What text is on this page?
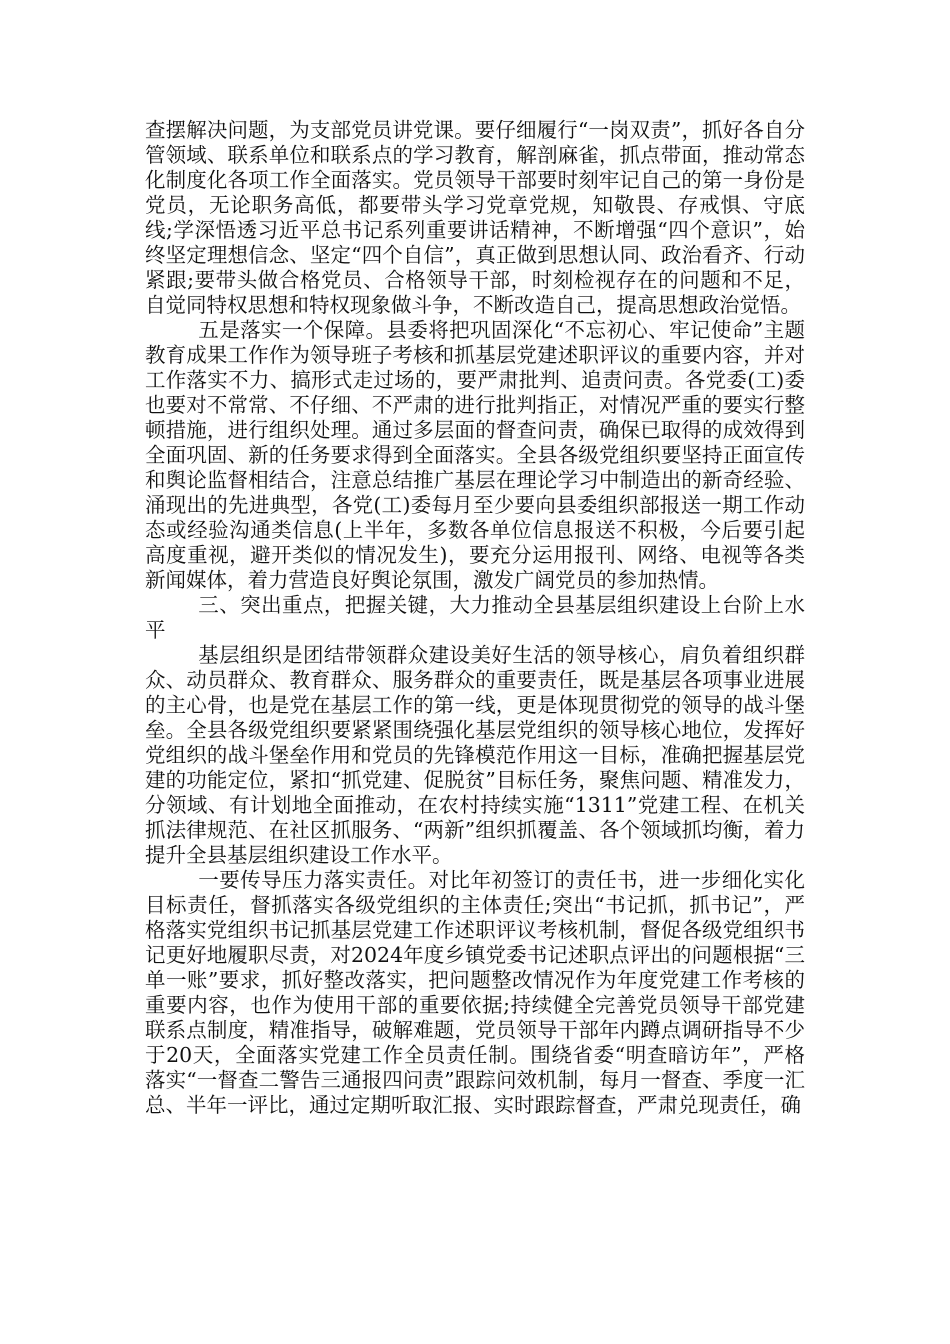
查摆解决问题，为支部党员讲党课。要仔细履行“一岗双责”，抓好各自分管领域、联系单位和联系点的学习教育，解剖麻雀，抓点带面，推动常态化制度化各项工作全面落实。党员领导干部要时刻牢记自己的第一身份是党员，无论职务高低，都要带头学习党章党规，知敬畏、存戒惧、守底线;学深悟透习近平总书记系列重要讲话精神，不断增强“四个意识”，始终坚定理想信念、坚定“四个自信”，真正做到思想认同、政治看齐、行动紧跟;要带头做合格党员、合格领导干部，时刻检视存在的问题和不足，自觉同特权思想和特权现象做斗争，不断改造自己，提高思想政治觉悟。

五是落实一个保障。县委将把巩固深化“不忘初心、牢记使命”主题教育成果工作作为领导班子考核和抓基层党建述职评议的重要内容，并对工作落实不力、搞形式走过场的，要严肃批判、追责问责。各党委(工)委也要对不常常、不仔细、不严肃的进行批判指正，对情况严重的要实行整顿措施，进行组织处理。通过多层面的督查问责，确保已取得的成效得到全面巩固、新的任务要求得到全面落实。全县各级党组织要坚持正面宣传和舆论监督相结合，注意总结推广基层在理论学习中制造出的新奇经验、涌现出的先进典型，各党(工)委每月至少要向县委组织部报送一期工作动态或经验沟通类信息(上半年，多数各单位信息报送不积极，今后要引起高度重视，避开类似的情况发生)，要充分运用报刊、网络、电视等各类新闻媒体，着力营造良好舆论氛围，激发广阔党员的参加热情。

三、突出重点，把握关键，大力推动全县基层组织建设上台阶上水平

基层组织是团结带领群众建设美好生活的领导核心，肩负着组织群众、动员群众、教育群众、服务群众的重要责任，既是基层各项事业进展的主心骨，也是党在基层工作的第一线，更是体现贯彻党的领导的战斗堡垒。全县各级党组织要紧紧围绕强化基层党组织的领导核心地位，发挥好党组织的战斗堡垒作用和党员的先锋模范作用这一目标，准确把握基层党建的功能定位，紧扣“抓党建、促脱贫”目标任务，聚焦问题、精准发力，分领域、有计划地全面推动，在农村持续实施“1311”党建工程、在机关抓法律规范、在社区抓服务、“两新”组织抓覆盖、各个领域抓均衡，着力提升全县基层组织建设工作水平。

一要传导压力落实责任。对比年初签订的责任书，进一步细化实化目标责任，督抓落实各级党组织的主体责任;突出“书记抓，抓书记”，严格落实党组织书记抓基层党建工作述职评议考核机制，督促各级党组织书记更好地履职尽责，对2024年度乡镇党委书记述职点评出的问题根据“三单一账”要求，抓好整改落实，把问题整改情况作为年度党建工作考核的重要内容，也作为使用干部的重要依据;持续健全完善党员领导干部党建联系点制度，精准指导，破解难题，党员领导干部年内蹲点调研指导不少于20天，全面落实党建工作全员责任制。围绕省委“明查暗访年”，严格落实“一督查二警告三通报四问责”跟踪问效机制，每月一督查、季度一汇总、半年一评比，通过定期听取汇报、实时跟踪督查，严肃兑现责任，确
